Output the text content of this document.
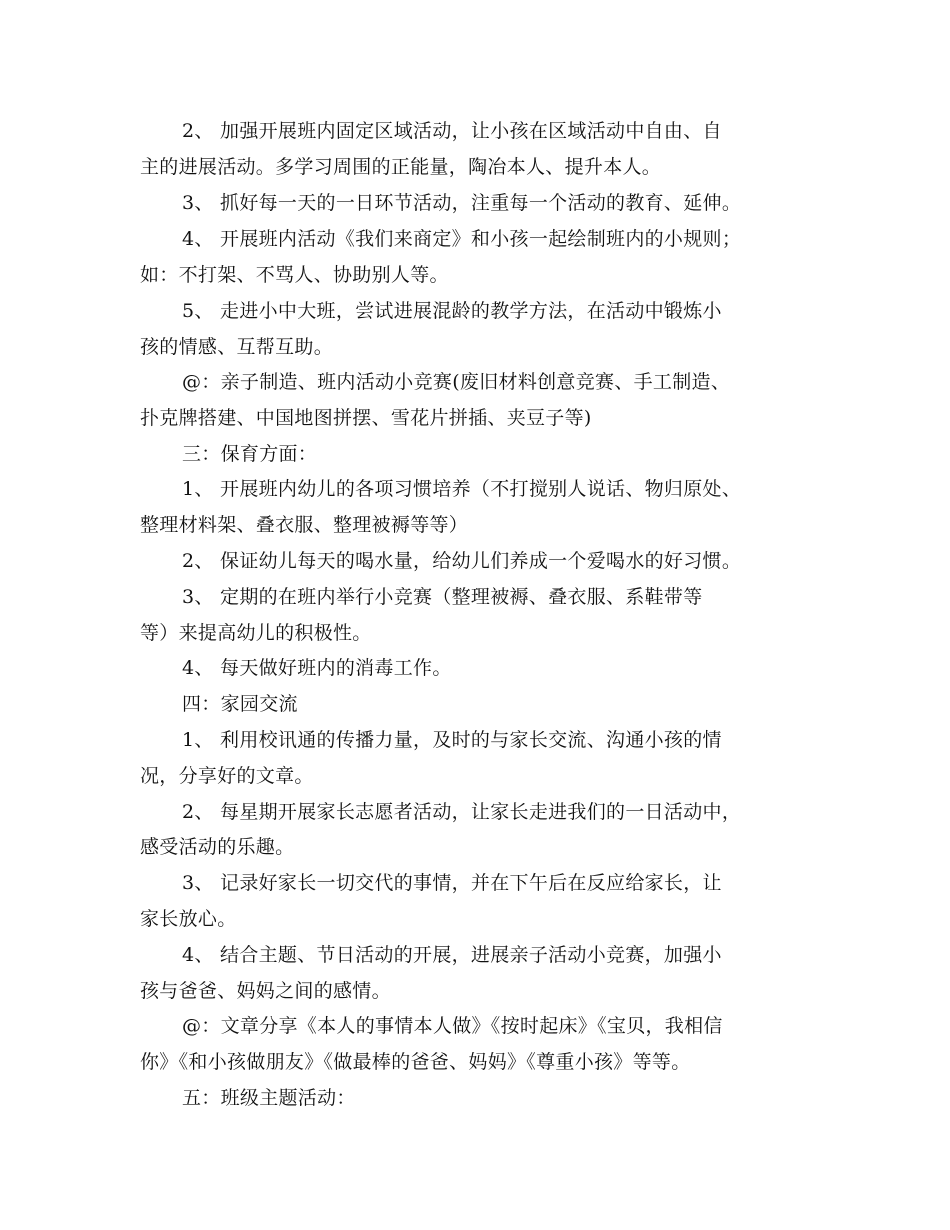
2、 加强开展班内固定区域活动，让小孩在区域活动中自由、自
主的进展活动。多学习周围的正能量，陶冶本人、提升本人。
3、 抓好每一天的一日环节活动，注重每一个活动的教育、延伸。
4、 开展班内活动《我们来商定》和小孩一起绘制班内的小规则；
如：不打架、不骂人、协助别人等。
5、 走进小中大班，尝试进展混龄的教学方法，在活动中锻炼小
孩的情感、互帮互助。
@：亲子制造、班内活动小竞赛(废旧材料创意竞赛、手工制造、
扑克牌搭建、中国地图拼摆、雪花片拼插、夹豆子等)
三：保育方面：
1、 开展班内幼儿的各项习惯培养（不打搅别人说话、物归原处、
整理材料架、叠衣服、整理被褥等等）
2、 保证幼儿每天的喝水量，给幼儿们养成一个爱喝水的好习惯。
3、 定期的在班内举行小竞赛（整理被褥、叠衣服、系鞋带等
等）来提高幼儿的积极性。
4、 每天做好班内的消毒工作。
四：家园交流
1、 利用校讯通的传播力量，及时的与家长交流、沟通小孩的情
况，分享好的文章。
2、 每星期开展家长志愿者活动，让家长走进我们的一日活动中，
感受活动的乐趣。
3、 记录好家长一切交代的事情，并在下午后在反应给家长，让
家长放心。
4、 结合主题、节日活动的开展，进展亲子活动小竞赛，加强小
孩与爸爸、妈妈之间的感情。
@：文章分享《本人的事情本人做》《按时起床》《宝贝，我相信
你》《和小孩做朋友》《做最棒的爸爸、妈妈》《尊重小孩》等等。
五：班级主题活动：
